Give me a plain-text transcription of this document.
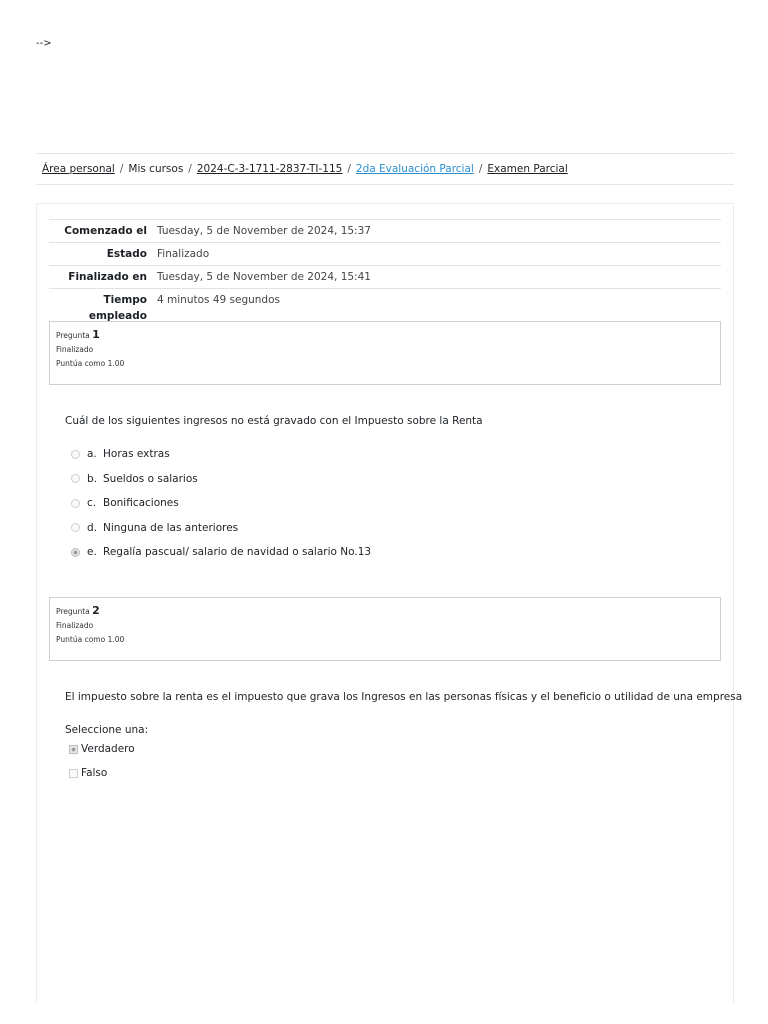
-->
Área personal / Mis cursos / 2024-C-3-1711-2837-TI-115 / 2da Evaluación Parcial / Examen Parcial
Comenzado el	Tuesday, 5 de November de 2024, 15:37
Estado	Finalizado
Finalizado en	Tuesday, 5 de November de 2024, 15:41
Tiempo
empleado	4 minutos 49 segundos
Pregunta 1
Finalizado
Puntúa como 1.00
Cuál de los siguientes ingresos no está gravado con el Impuesto sobre la Renta
a. Horas extras
b. Sueldos o salarios
c. Bonificaciones
d. Ninguna de las anteriores
e. Regalía pascual/ salario de navidad o salario No.13
Pregunta 2
Finalizado
Puntúa como 1.00
El impuesto sobre la renta es el impuesto que grava los Ingresos en las personas físicas y el beneficio o utilidad de una empresa
Seleccione una:
Verdadero
Falso
